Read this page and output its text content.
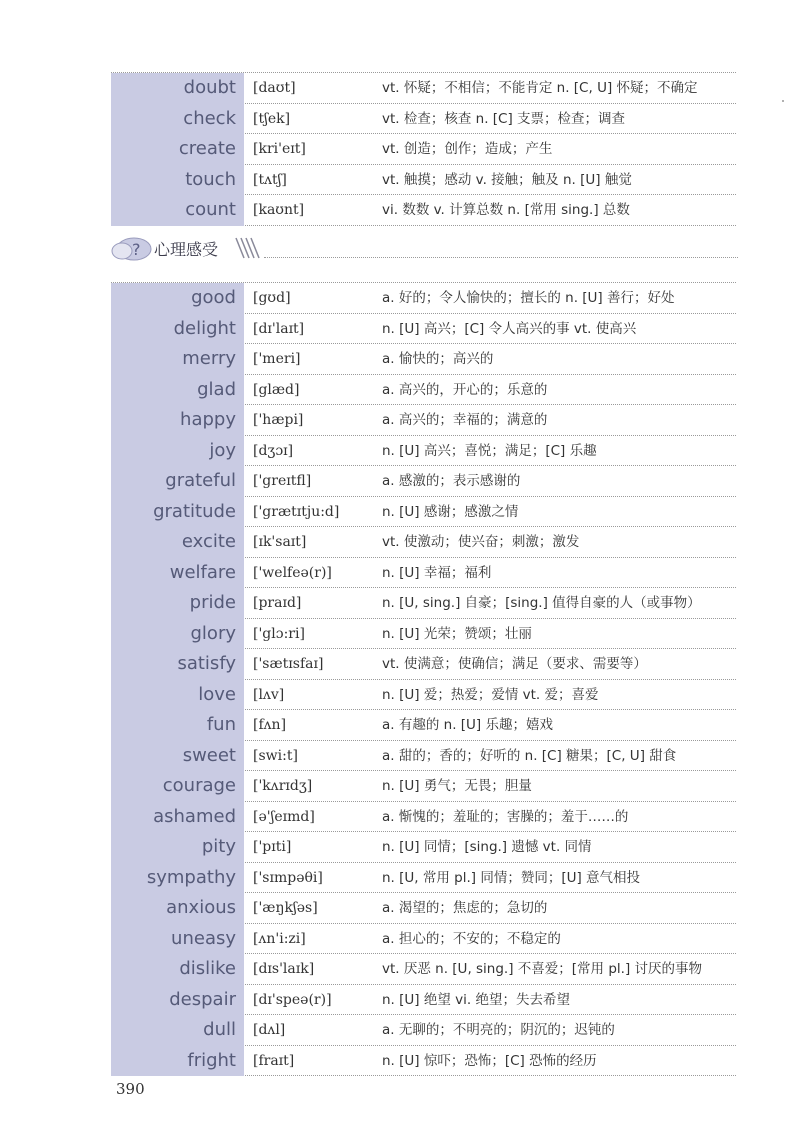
doubt	[daʊt]	vt. 怀疑；不相信；不能肯定 n. [C, U] 怀疑；不确定
check	[tʃek]	vt. 检查；核查 n. [C] 支票；检查；调查
create	[kri'eɪt]	vt. 创造；创作；造成；产生
touch	[tʌtʃ]	vt. 触摸；感动 v. 接触；触及 n. [U] 触觉
count	[kaʊnt]	vi. 数数 v. 计算总数 n. [常用 sing.] 总数
? 心理感受
good	[gʊd]	a. 好的；令人愉快的；擅长的 n. [U] 善行；好处
delight	[dɪ'laɪt]	n. [U] 高兴；[C] 令人高兴的事 vt. 使高兴
merry	['meri]	a. 愉快的；高兴的
glad	[glæd]	a. 高兴的，开心的；乐意的
happy	['hæpi]	a. 高兴的；幸福的；满意的
joy	[dʒɔɪ]	n. [U] 高兴；喜悦；满足；[C] 乐趣
grateful	['greɪtfl]	a. 感激的；表示感谢的
gratitude	['grætɪtju:d]	n. [U] 感谢；感激之情
excite	[ɪk'saɪt]	vt. 使激动；使兴奋；刺激；激发
welfare	['welfeə(r)]	n. [U] 幸福；福利
pride	[praɪd]	n. [U, sing.] 自豪；[sing.] 值得自豪的人（或事物）
glory	['glɔ:ri]	n. [U] 光荣；赞颂；壮丽
satisfy	['sætɪsfaɪ]	vt. 使满意；使确信；满足（要求、需要等）
love	[lʌv]	n. [U] 爱；热爱；爱情 vt. 爱；喜爱
fun	[fʌn]	a. 有趣的 n. [U] 乐趣；嬉戏
sweet	[swi:t]	a. 甜的；香的；好听的 n. [C] 糖果；[C, U] 甜食
courage	['kʌrɪdʒ]	n. [U] 勇气；无畏；胆量
ashamed	[ə'ʃeɪmd]	a. 惭愧的；羞耻的；害臊的；羞于……的
pity	['pɪti]	n. [U] 同情；[sing.] 遗憾 vt. 同情
sympathy	['sɪmpəθi]	n. [U, 常用 pl.] 同情；赞同；[U] 意气相投
anxious	['æŋkʃəs]	a. 渴望的；焦虑的；急切的
uneasy	[ʌn'i:zi]	a. 担心的；不安的；不稳定的
dislike	[dɪs'laɪk]	vt. 厌恶 n. [U, sing.] 不喜爱；[常用 pl.] 讨厌的事物
despair	[dɪ'speə(r)]	n. [U] 绝望 vi. 绝望；失去希望
dull	[dʌl]	a. 无聊的；不明亮的；阴沉的；迟钝的
fright	[fraɪt]	n. [U] 惊吓；恐怖；[C] 恐怖的经历
390
